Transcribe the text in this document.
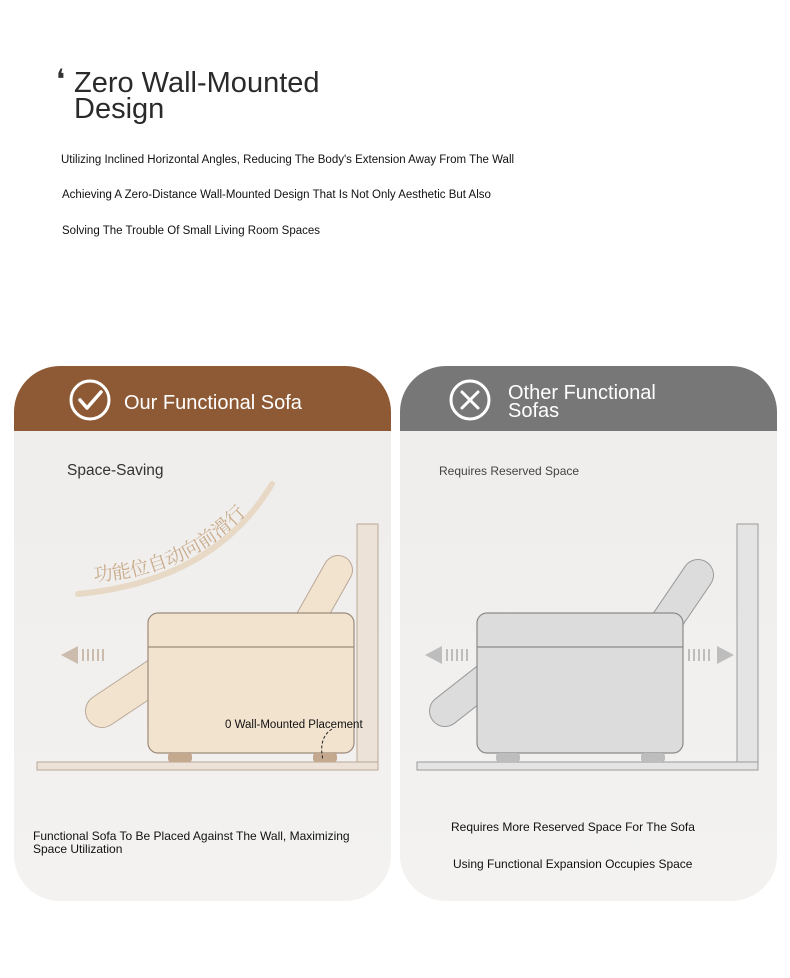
❛ Zero Wall-Mounted Design
Utilizing Inclined Horizontal Angles, Reducing The Body's Extension Away From The Wall
Achieving A Zero-Distance Wall-Mounted Design That Is Not Only Aesthetic But Also
Solving The Trouble Of Small Living Room Spaces
Our Functional Sofa
Space-Saving
功能位自动向前滑行
0 Wall-Mounted Placement
Functional Sofa To Be Placed Against The Wall, Maximizing Space Utilization
Other Functional Sofas
Requires Reserved Space
Requires More Reserved Space For The Sofa
Using Functional Expansion Occupies Space
